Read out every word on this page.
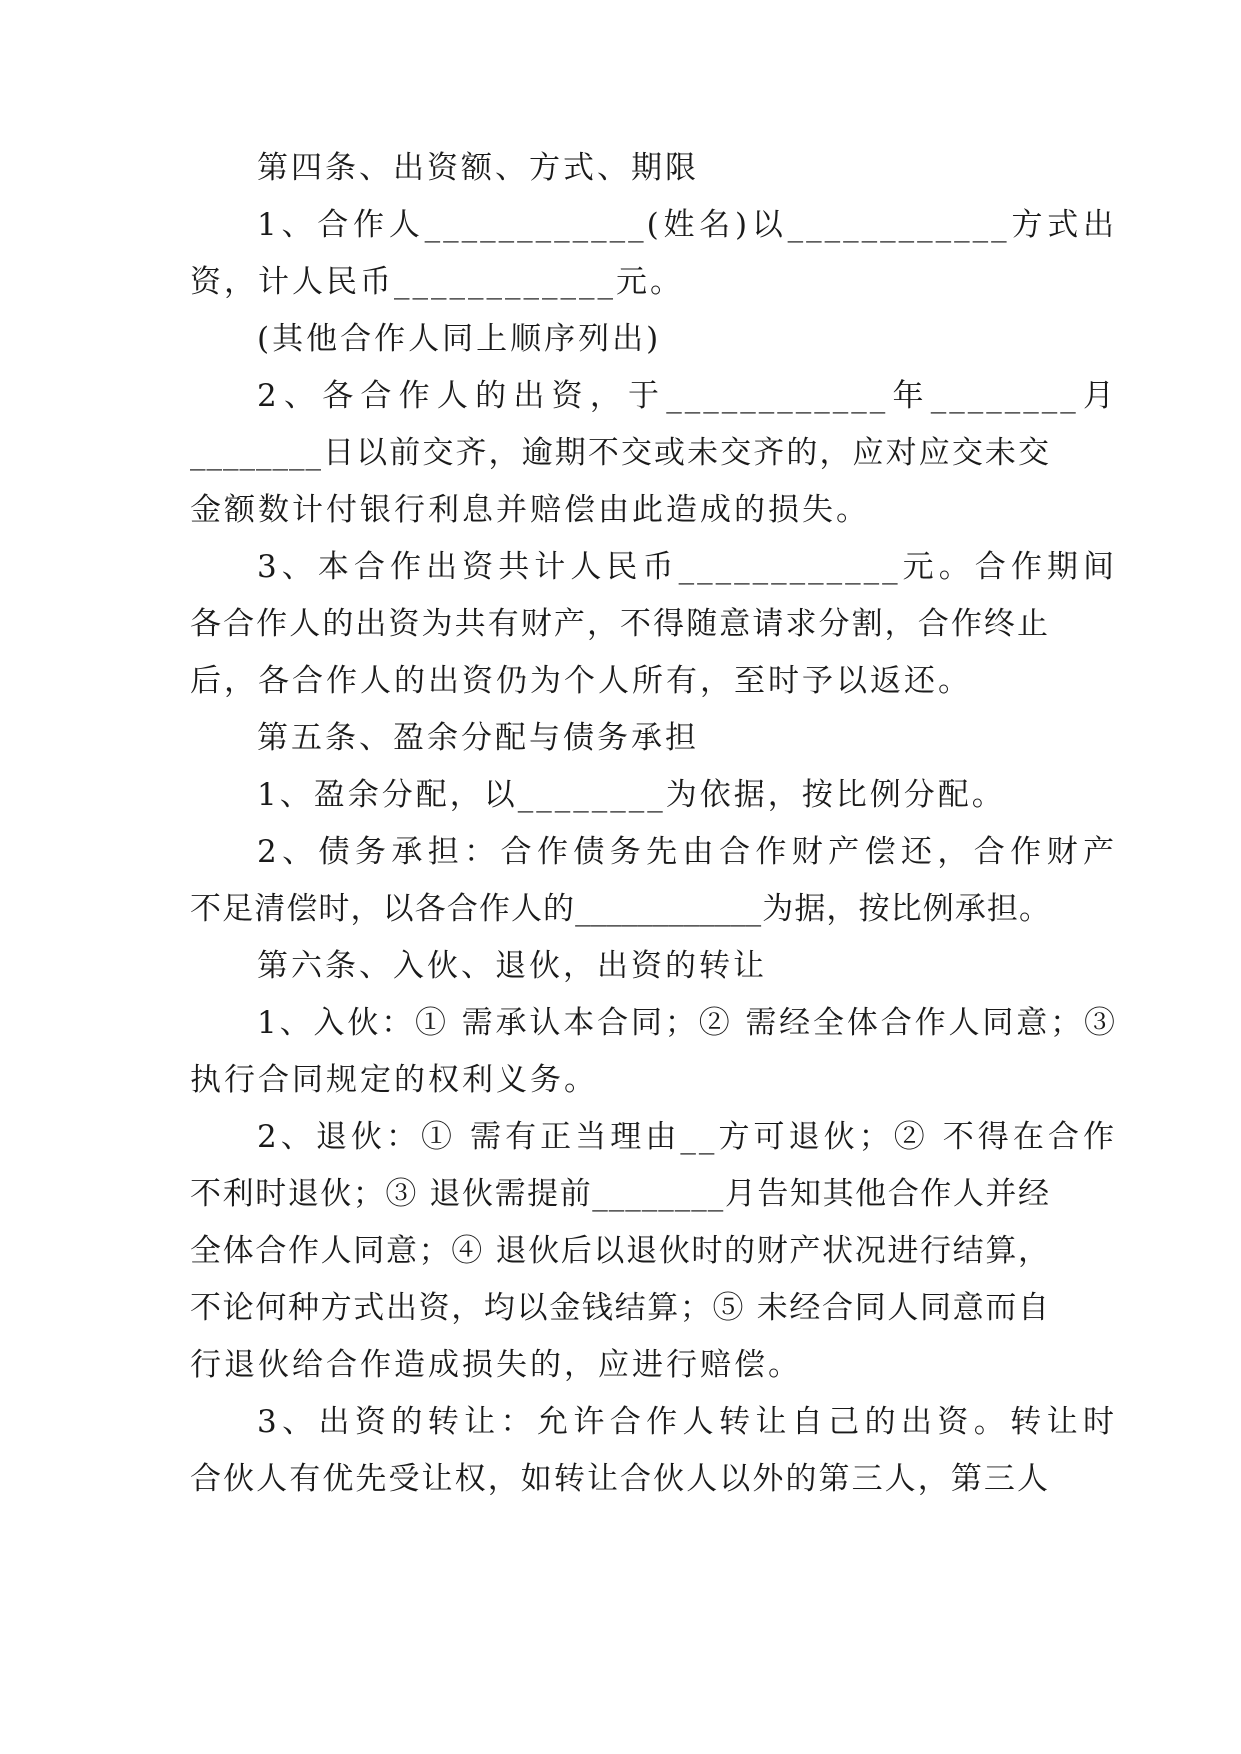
第四条、出资额、方式、期限
1、合作人____________(姓名)以____________方式出
资，计人民币____________元。
(其他合作人同上顺序列出)
2、各合作人的出资，于____________年________月
________日以前交齐，逾期不交或未交齐的，应对应交未交
金额数计付银行利息并赔偿由此造成的损失。
3、本合作出资共计人民币____________元。合作期间
各合作人的出资为共有财产，不得随意请求分割，合作终止
后，各合作人的出资仍为个人所有，至时予以返还。
第五条、盈余分配与债务承担
1、盈余分配，以________为依据，按比例分配。
2、债务承担：合作债务先由合作财产偿还，合作财产
不足清偿时，以各合作人的____________为据，按比例承担。
第六条、入伙、退伙，出资的转让
1、入伙：① 需承认本合同；② 需经全体合作人同意；③
执行合同规定的权利义务。
2、退伙：① 需有正当理由__方可退伙；② 不得在合作
不利时退伙；③ 退伙需提前________月告知其他合作人并经
全体合作人同意；④ 退伙后以退伙时的财产状况进行结算，
不论何种方式出资，均以金钱结算；⑤ 未经合同人同意而自
行退伙给合作造成损失的，应进行赔偿。
3、出资的转让：允许合作人转让自己的出资。转让时
合伙人有优先受让权，如转让合伙人以外的第三人，第三人
